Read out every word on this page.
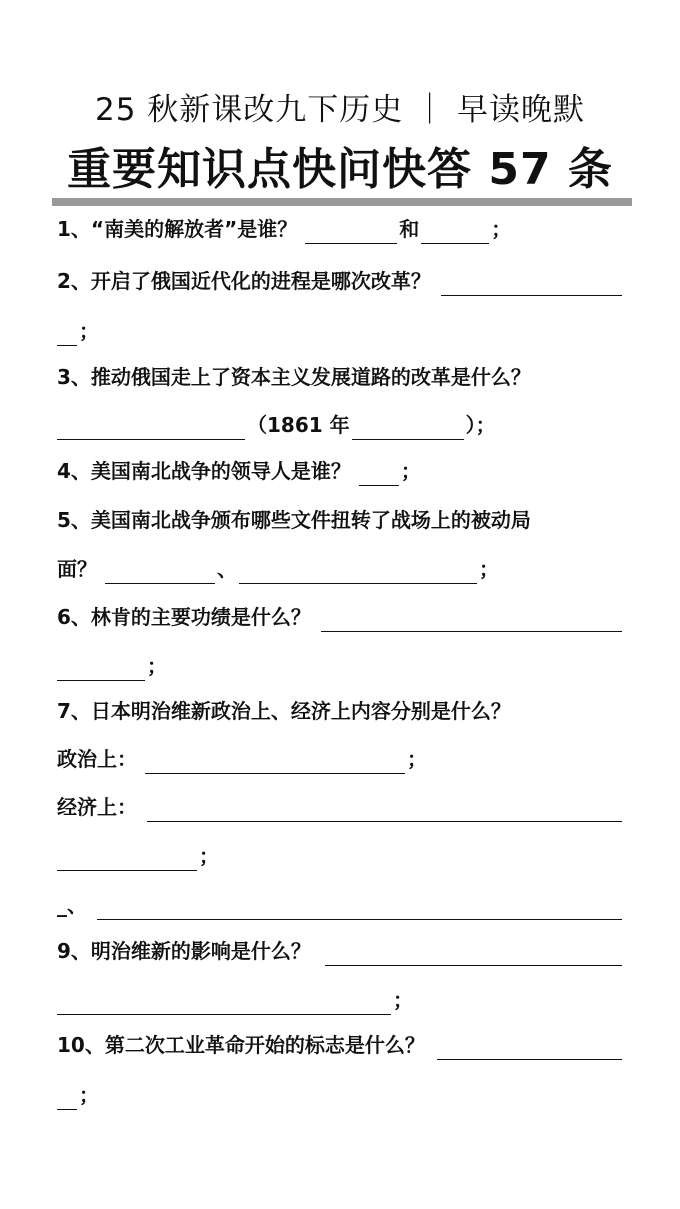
25 秋新课改九下历史 ｜ 早读晚默
重要知识点快问快答 57 条
1、 “南美的解放者”是谁？	和	；
2、 开启了俄国近代化的进程是哪次改革？
；
3、 推动俄国走上了资本主义发展道路的改革是什么？
（1861 年	）；
4、 美国南北战争的领导人是谁？	；
5、 美国南北战争颁布哪些文件扭转了战场上的被动局
面？	、	；
6、 林肯的主要功绩是什么？
；
7、 日本明治维新政治上、经济上内容分别是什么？
政治上：	；
经济上：
；
_、
9、 明治维新的影响是什么？
；
10、 第二次工业革命开始的标志是什么？
；
